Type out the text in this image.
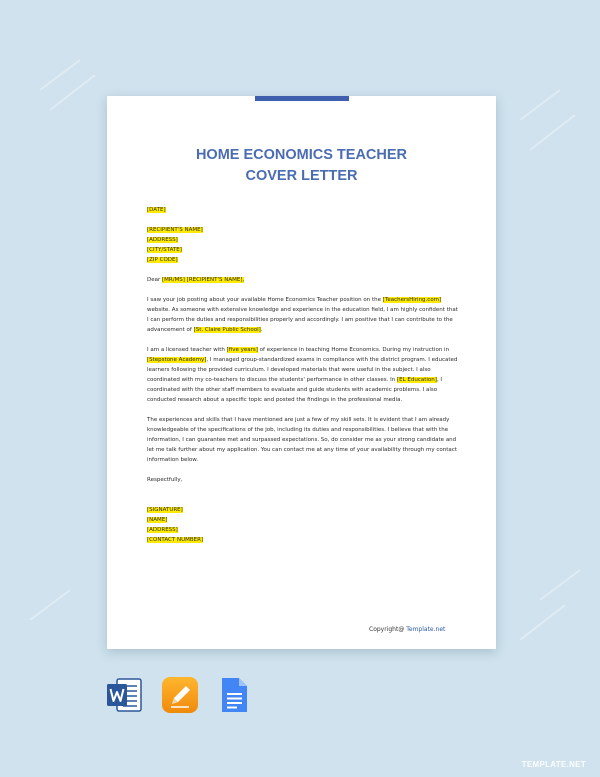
HOME ECONOMICS TEACHER
COVER LETTER
[DATE]
[RECIPIENT'S NAME]
[ADDRESS]
[CITY/STATE]
[ZIP CODE]
Dear [MR/MS] [RECIPIENT'S NAME],

I saw your job posting about your available Home Economics Teacher position on the [TeachersHiring.com] website. As someone with extensive knowledge and experience in the education field, I am highly confident that I can perform the duties and responsibilities properly and accordingly. I am positive that I can contribute to the advancement of [St. Claire Public School].

I am a licensed teacher with [five years] of experience in teaching Home Economics. During my instruction in [Stepstone Academy], I managed group-standardized exams in compliance with the district program. I educated learners following the provided curriculum. I developed materials that were useful in the subject. I also coordinated with my co-teachers to discuss the students' performance in other classes. In [EL Education], I coordinated with the other staff members to evaluate and guide students with academic problems. I also conducted research about a specific topic and posted the findings in the professional media.

The experiences and skills that I have mentioned are just a few of my skill sets. It is evident that I am already knowledgeable of the specifications of the job, including its duties and responsibilities. I believe that with the information, I can guarantee met and surpassed expectations. So, do consider me as your strong candidate and let me talk further about my application. You can contact me at any time of your availability through my contact information below.

Respectfully,
[SIGNATURE]
[NAME]
[ADDRESS]
[CONTACT NUMBER]
Copyright@ Template.net
TEMPLATE.NET
